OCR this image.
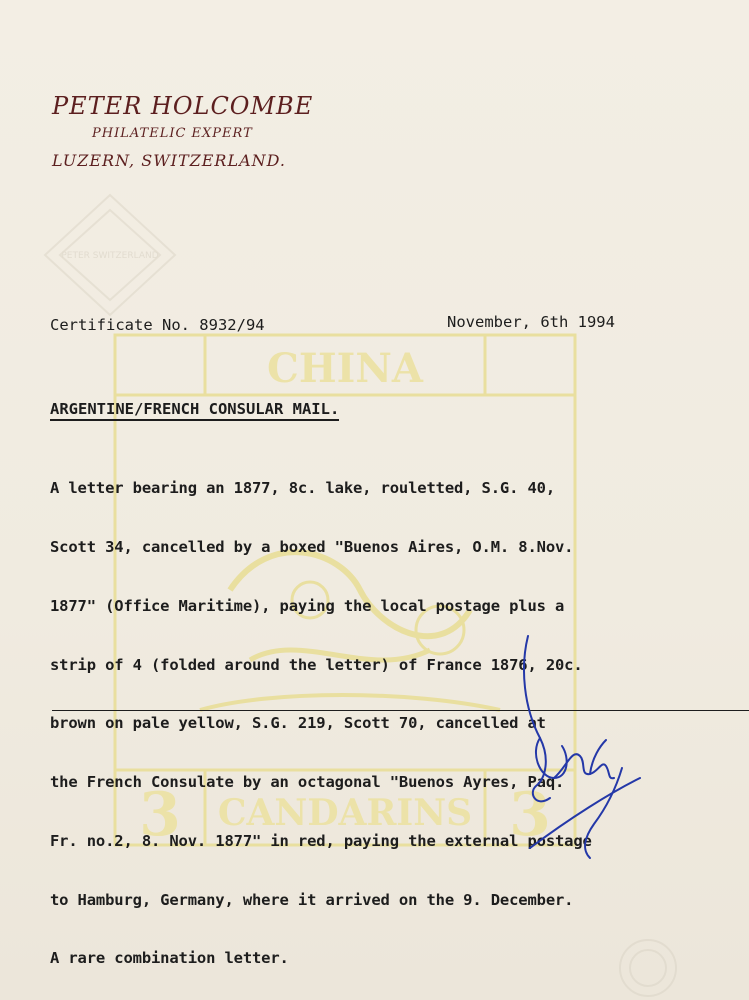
CHINA
CANDARINS
3	3
PETER SWITZERLAND
PETER HOLCOMBE
PHILATELIC EXPERT
LUZERN, SWITZERLAND.
Certificate No. 8932/94	November, 6th 1994
ARGENTINE/FRENCH CONSULAR MAIL.

A letter bearing an 1877, 8c. lake, rouletted, S.G. 40,

Scott 34, cancelled by a boxed "Buenos Aires, O.M. 8.Nov.

1877" (Office Maritime), paying the local postage plus a

strip of 4 (folded around the letter) of France 1876, 20c.

brown on pale yellow, S.G. 219, Scott 70, cancelled at

the French Consulate by an octagonal "Buenos Ayres, Paq.

Fr. no.2, 8. Nov. 1877" in red, paying the external postage

to Hamburg, Germany, where it arrived on the 9. December.

A rare combination letter.
